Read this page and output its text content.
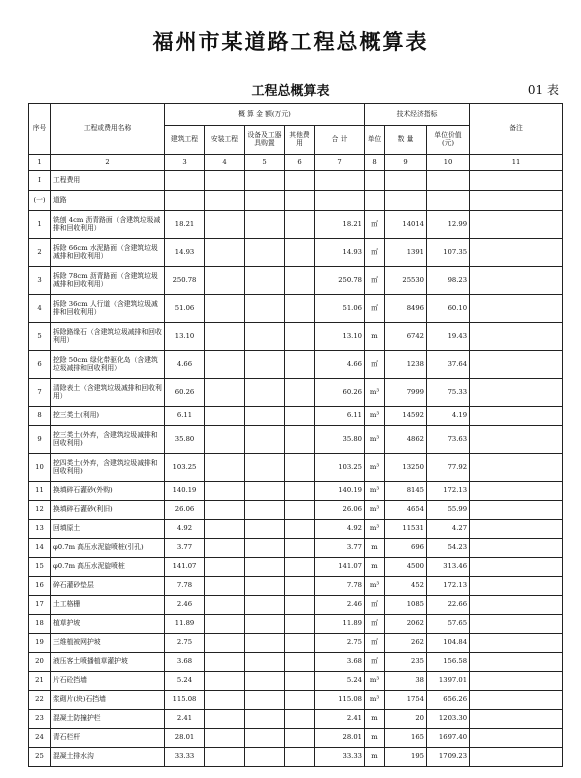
福州市某道路工程总概算表
工程总概算表	01 表
序号	工程或费用名称	概 算 金 额(万元)					技术经济指标			备注
		建筑工程	安装工程	设备及工器具购置	其他费用	合 计	单位	数 量	单位价值(元)	
1	2	3	4	5	6	7	8	9	10	11
Ⅰ	工程费用									
(一)	道路									
1	铣刨 4cm 沥青路面（含建筑垃圾减排和回收利用）	18.21				18.21	㎡	14014	12.99	
2	拆除 66cm 水泥路面（含建筑垃圾减排和回收利用）	14.93				14.93	㎡	1391	107.35	
3	拆除 78cm 沥青路面（含建筑垃圾减排和回收利用）	250.78				250.78	㎡	25530	98.23	
4	拆除 36cm 人行道（含建筑垃圾减排和回收利用）	51.06				51.06	㎡	8496	60.10	
5	拆除路缘石（含建筑垃圾减排和回收利用）	13.10				13.10	m	6742	19.43	
6	挖除 50cm 绿化带驱化岛（含建筑垃圾减排和回收利用）	4.66				4.66	㎡	1238	37.64	
7	清除表土（含建筑垃圾减排和回收利用）	60.26				60.26	m³	7999	75.33	
8	挖三类土(利用)	6.11				6.11	m³	14592	4.19	
9	挖三类土(外弃，含建筑垃圾减排和回收利用)	35.80				35.80	m³	4862	73.63	
10	挖四类土(外弃，含建筑垃圾减排和回收利用)	103.25				103.25	m³	13250	77.92	
11	换填碎石灌砂(外购)	140.19				140.19	m³	8145	172.13	
12	换填碎石灌砂(利旧)	26.06				26.06	m³	4654	55.99	
13	回填原土	4.92				4.92	m³	11531	4.27	
14	φ0.7m 高压水泥旋喷桩(引孔)	3.77				3.77	m	696	54.23	
15	φ0.7m 高压水泥旋喷桩	141.07				141.07	m	4500	313.46	
16	碎石灌砂垫层	7.78				7.78	m³	452	172.13	
17	土工格栅	2.46				2.46	㎡	1085	22.66	
18	植草护坡	11.89				11.89	㎡	2062	57.65	
19	三维植被网护坡	2.75				2.75	㎡	262	104.84	
20	液压客土喷播植草灌护坡	3.68				3.68	㎡	235	156.58	
21	片石砼挡墙	5.24				5.24	m³	38	1397.01	
22	浆砌片(块)石挡墙	115.08				115.08	m³	1754	656.26	
23	混凝土防撞护栏	2.41				2.41	m	20	1203.30	
24	青石栏杆	28.01				28.01	m	165	1697.40	
25	混凝土排水沟	33.33				33.33	m	195	1709.23	
